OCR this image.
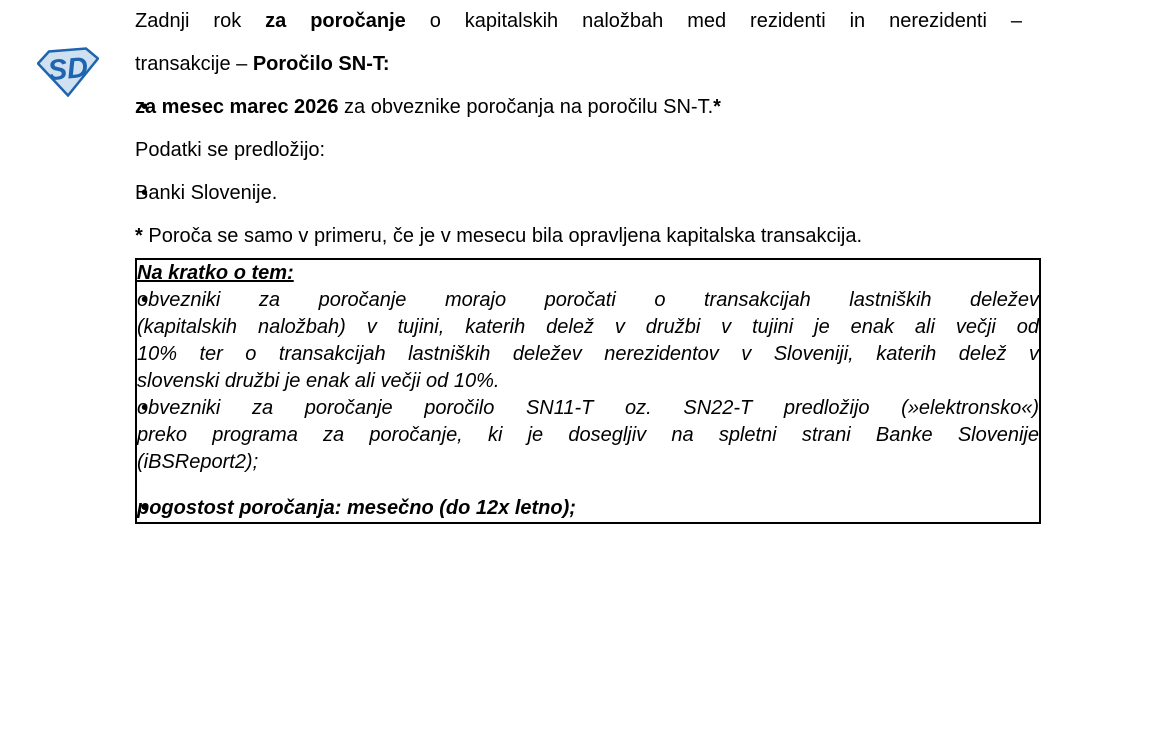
SD

Zadnji rok za poročanje o kapitalskih naložbah med rezidenti in nerezidenti –
transakcije – Poročilo SN-T:

• za mesec marec 2026 za obveznike poročanja na poročilu SN-T.*

Podatki se predložijo:

• Banki Slovenije.

* Poroča se samo v primeru, če je v mesecu bila opravljena kapitalska transakcija.

Na kratko o tem:
• obvezniki za poročanje morajo poročati o transakcijah lastniških deležev
(kapitalskih naložbah) v tujini, katerih delež v družbi v tujini je enak ali večji od
10% ter o transakcijah lastniških deležev nerezidentov v Sloveniji, katerih delež v
slovenski družbi je enak ali večji od 10%.
• obvezniki za poročanje poročilo SN11-T oz. SN22-T predložijo (»elektronsko«)
preko programa za poročanje, ki je dosegljiv na spletni strani Banke Slovenije
(iBSReport2);
• pogostost poročanja: mesečno (do 12x letno);
